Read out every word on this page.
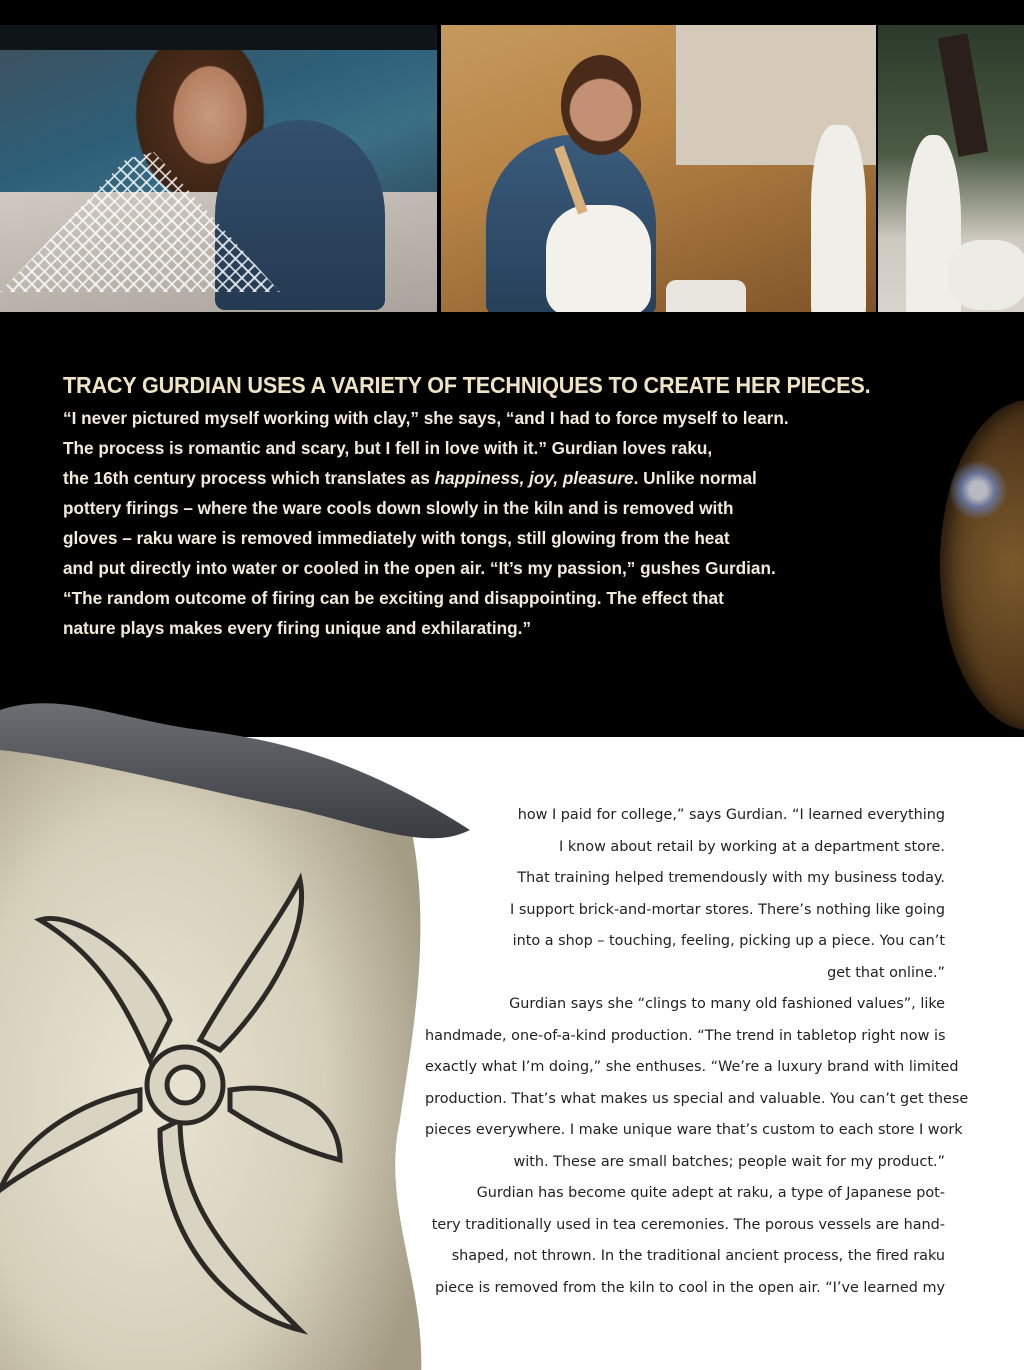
TRACY GURDIAN USES A VARIETY OF TECHNIQUES TO CREATE HER PIECES.
“I never pictured myself working with clay,” she says, “and I had to force myself to learn.
The process is romantic and scary, but I fell in love with it.” Gurdian loves raku,
the 16th century process which translates as happiness, joy, pleasure. Unlike normal
pottery firings – where the ware cools down slowly in the kiln and is removed with
gloves – raku ware is removed immediately with tongs, still glowing from the heat
and put directly into water or cooled in the open air. “It’s my passion,” gushes Gurdian.
“The random outcome of firing can be exciting and disappointing. The effect that
nature plays makes every firing unique and exhilarating.”
how I paid for college,” says Gurdian. “I learned everything
I know about retail by working at a department store.
That training helped tremendously with my business today.
I support brick-and-mortar stores. There’s nothing like going
into a shop – touching, feeling, picking up a piece. You can’t
get that online.”
Gurdian says she “clings to many old fashioned values”, like
handmade, one-of-a-kind production. “The trend in tabletop right now is
exactly what I’m doing,” she enthuses. “We’re a luxury brand with limited
production. That’s what makes us special and valuable. You can’t get these
pieces everywhere. I make unique ware that’s custom to each store I work
with. These are small batches; people wait for my product.”
Gurdian has become quite adept at raku, a type of Japanese pot-
tery traditionally used in tea ceremonies. The porous vessels are hand-
shaped, not thrown. In the traditional ancient process, the fired raku
piece is removed from the kiln to cool in the open air. “I’ve learned my
